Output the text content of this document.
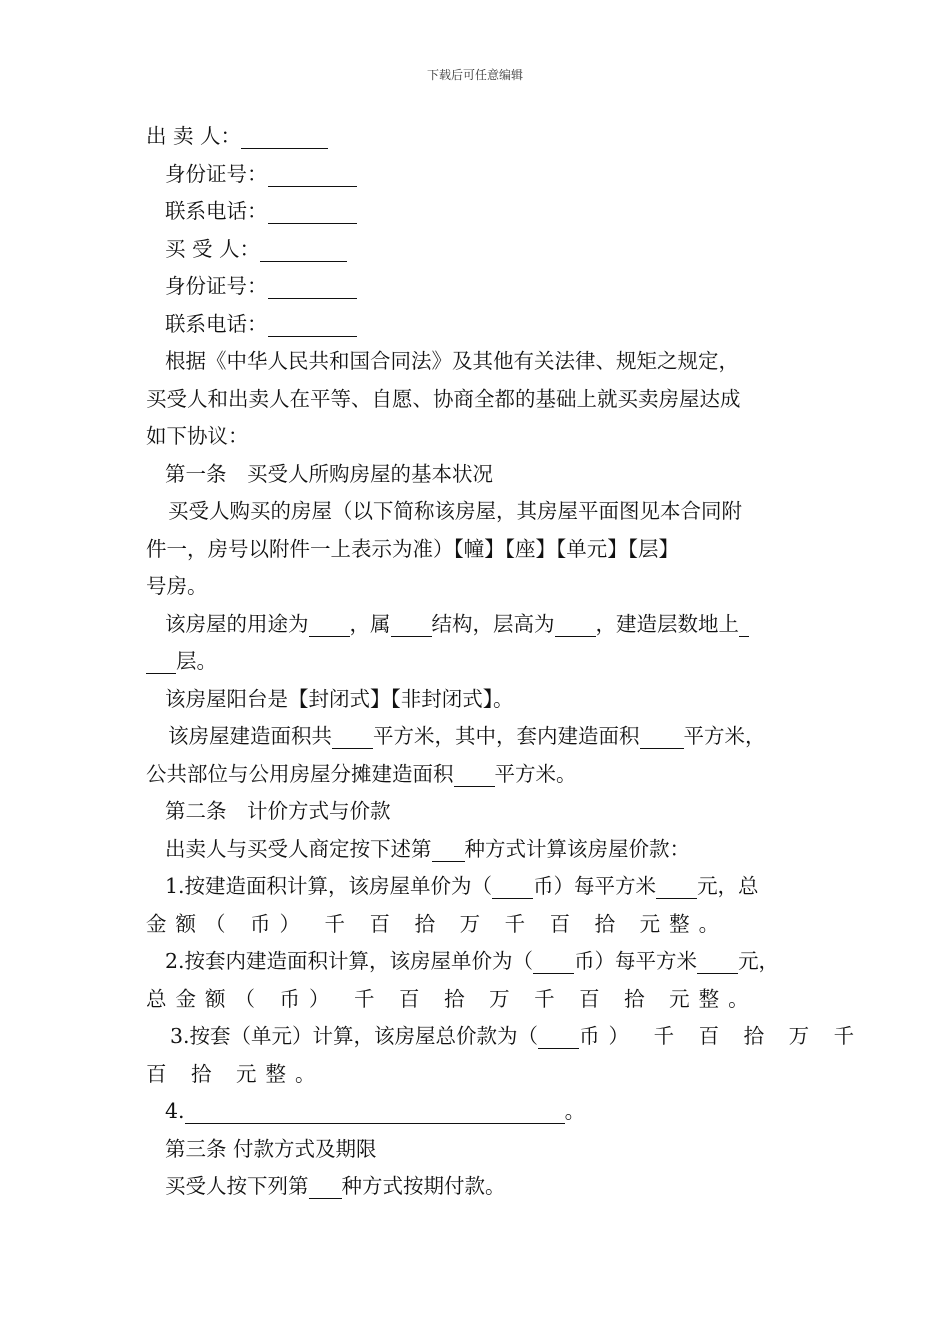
下载后可任意编辑
出 卖 人：
身份证号：
联系电话：
买 受 人：
身份证号：
联系电话：
根据《中华人民共和国合同法》及其他有关法律、规矩之规定，
买受人和出卖人在平等、自愿、协商全都的基础上就买卖房屋达成
如下协议：
第一条　买受人所购房屋的基本状况
买受人购买的房屋（以下简称该房屋，其房屋平面图见本合同附
件一，房号以附件一上表示为准）【幢】【座】【单元】【层】
号房。
该房屋的用途为 ，属 结构，层高为 ，建造层数地上
层。
该房屋阳台是【封闭式】【非封闭式】。
该房屋建造面积共 平方米，其中，套内建造面积 平方米，
公共部位与公用房屋分摊建造面积 平方米。
第二条　计价方式与价款
出卖人与买受人商定按下述第 种方式计算该房屋价款：
1.按建造面积计算，该房屋单价为（ 币）每平方米 元，总
金额（ 币） 千 百 拾 万 千 百 拾 元整。
2.按套内建造面积计算，该房屋单价为（ 币）每平方米 元，
总金额（ 币） 千 百 拾 万 千 百 拾 元整。
3.按套（单元）计算，该房屋总价款为（ 币） 千 百 拾 万 千
百 拾 元整。
4.	。
第三条 付款方式及期限
买受人按下列第 种方式按期付款。
